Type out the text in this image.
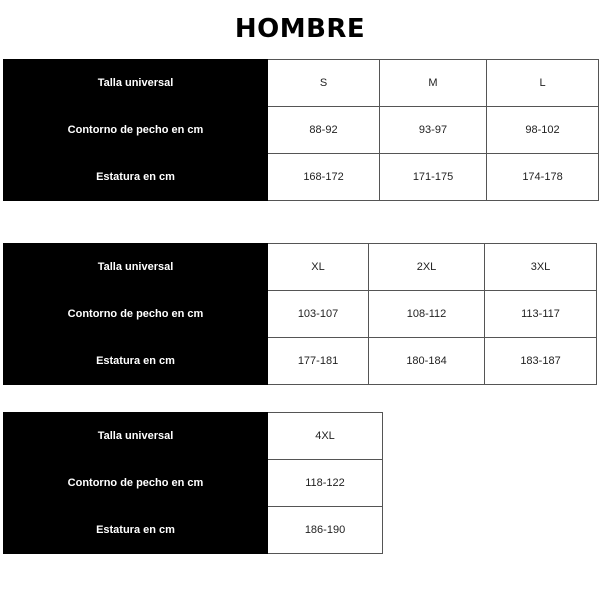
HOMBRE
Talla universal	S	M	L
Contorno de pecho en cm	88-92	93-97	98-102
Estatura en cm	168-172	171-175	174-178
Talla universal	XL	2XL	3XL
Contorno de pecho en cm	103-107	108-112	113-117
Estatura en cm	177-181	180-184	183-187
Talla universal	4XL
Contorno de pecho en cm	118-122
Estatura en cm	186-190
